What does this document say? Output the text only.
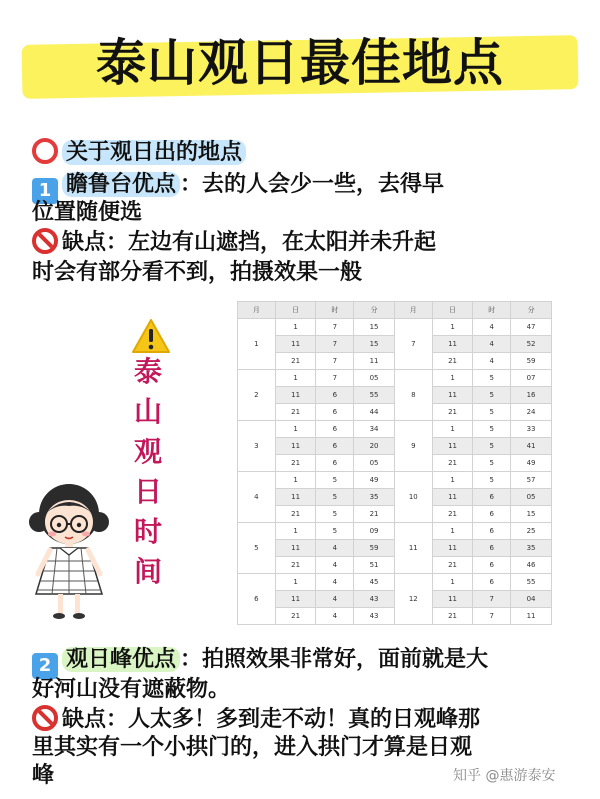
泰山观日最佳地点
关于观日出的地点
1 瞻鲁台优点 ：去的人会少一些，去得早
位置随便选
缺点：左边有山遮挡，在太阳并未升起
时会有部分看不到，拍摄效果一般
泰
山
观
日
时
间
月	日	时	分	月	日	时	分
1	1	7	15	7	1	4	47
	11	7	15		11	4	52
	21	7	11		21	4	59
2	1	7	05	8	1	5	07
	11	6	55		11	5	16
	21	6	44		21	5	24
3	1	6	34	9	1	5	33
	11	6	20		11	5	41
	21	6	05		21	5	49
4	1	5	49	10	1	5	57
	11	5	35		11	6	05
	21	5	21		21	6	15
5	1	5	09	11	1	6	25
	11	4	59		11	6	35
	21	4	51		21	6	46
6	1	4	45	12	1	6	55
	11	4	43		11	7	04
	21	4	43		21	7	11
2 观日峰优点 ：拍照效果非常好，面前就是大
好河山没有遮蔽物。
缺点：人太多！多到走不动！真的日观峰那
里其实有一个小拱门的，进入拱门才算是日观
峰	知乎 @惠游泰安
